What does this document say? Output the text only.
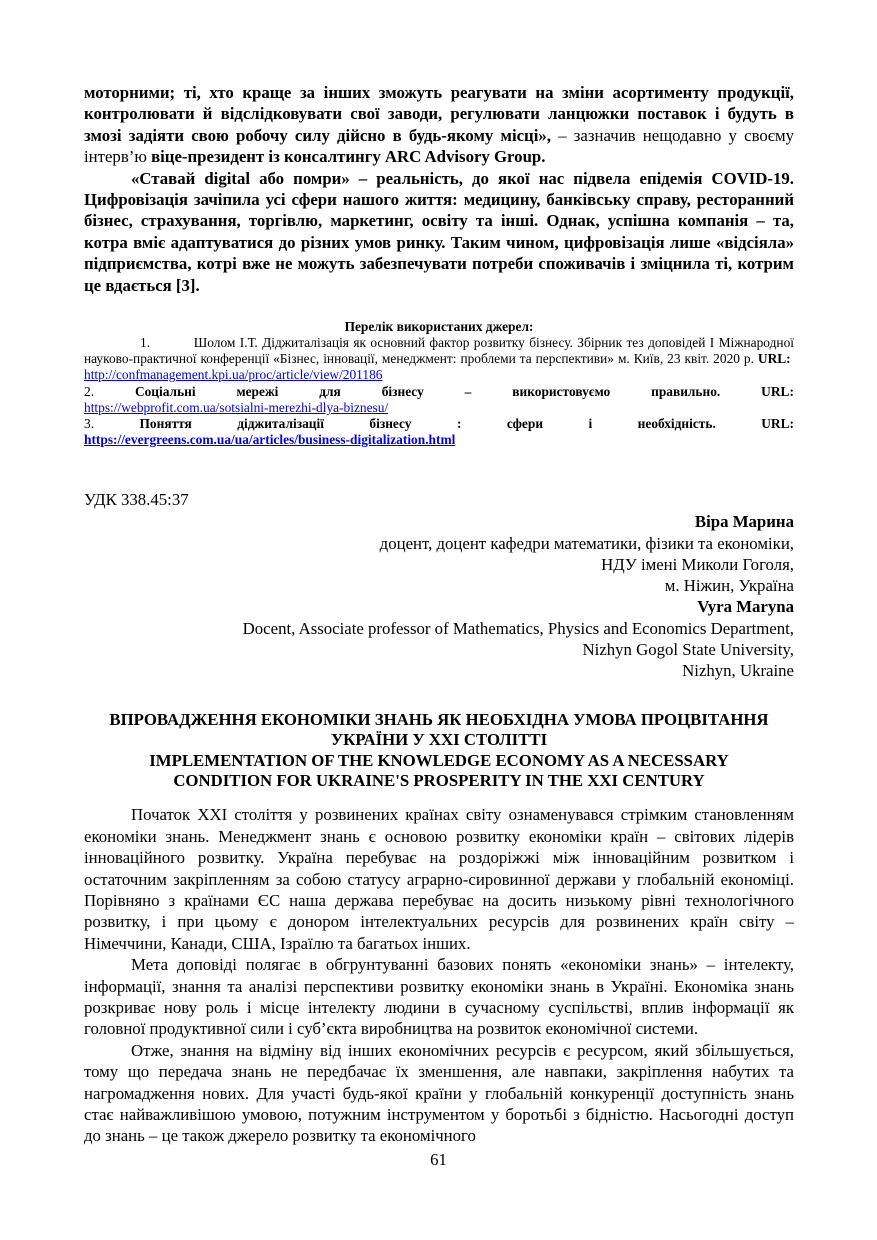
моторними; ті, хто краще за інших зможуть реагувати на зміни асортименту продукції, контролювати й відслідковувати свої заводи, регулювати ланцюжки поставок і будуть в змозі задіяти свою робочу силу дійсно в будь-якому місці», – зазначив нещодавно у своєму інтерв’ю віце-президент із консалтингу ARC Advisory Group.

«Ставай digital або помри» – реальність, до якої нас підвела епідемія COVID-19. Цифровізація зачіпила усі сфери нашого життя: медицину, банківську справу, ресторанний бізнес, страхування, торгівлю, маркетинг, освіту та інші. Однак, успішна компанія – та, котра вміє адаптуватися до різних умов ринку. Таким чином, цифровізація лише «відсіяла» підприємства, котрі вже не можуть забезпечувати потреби споживачів і зміцнила ті, котрим це вдається [3].

Перелік використаних джерел:

1.	Шолом І.Т. Діджиталізація як основний фактор розвитку бізнесу. Збірник тез доповідей І Міжнародної науково-практичної конференції «Бізнес, інновації, менеджмент: проблеми та перспективи» м. Київ, 23 квіт. 2020 р. URL:  http://confmanagement.kpi.ua/proc/article/view/201186

2.	Соціальні	мережі	для	бізнесу	–	використовуємо	правильно.	URL:
https://webprofit.com.ua/sotsialni-merezhi-dlya-biznesu/
3.	Поняття	діджиталізації	бізнесу	:	сфери	і	необхідність.	URL:
https://evergreens.com.ua/ua/articles/business-digitalization.html

УДК 338.45:37

Віра Марина

доцент, доцент кафедри математики, фізики та економіки,

НДУ імені Миколи Гоголя,

м. Ніжин, Україна

Vyra Maryna

Docent, Associate professor of Mathematics, Physics and Economics Department,

Nizhyn Gogol State University,

Nizhyn, Ukraine

ВПРОВАДЖЕННЯ ЕКОНОМІКИ ЗНАНЬ ЯК НЕОБХІДНА УМОВА ПРОЦВІТАННЯ

УКРАЇНИ У ХХІ СТОЛІТТІ

IMPLEMENTATION OF THE KNOWLEDGE ECONOMY AS A NECESSARY

CONDITION FOR UKRAINE'S PROSPERITY IN THE XXI CENTURY

Початок ХХІ століття у розвинених країнах світу ознаменувався стрімким становленням економіки знань. Менеджмент знань є основою розвитку економіки країн – світових лідерів інноваційного розвитку. Україна перебуває на роздоріжжі між інноваційним розвитком і остаточним закріпленням за собою статусу аграрно-сировинної держави у глобальній економіці. Порівняно з країнами ЄС наша держава перебуває на досить низькому рівні технологічного розвитку, і при цьому є донором інтелектуальних ресурсів для розвинених країн світу – Німеччини, Канади, США, Ізраїлю та багатьох інших.

Мета доповіді полягає в обгрунтуванні базових понять «економіки знань» – інтелекту, інформації, знання та аналізі перспективи розвитку економіки знань в Україні. Економіка знань розкриває нову роль і місце інтелекту людини в сучасному суспільстві, вплив інформації як головної продуктивної сили і суб’єкта виробництва на розвиток економічної системи.

Отже, знання на відміну від інших економічних ресурсів є ресурсом, який збільшується, тому що передача знань не передбачає їх зменшення, але навпаки, закріплення набутих та нагромадження нових. Для участі будь-якої країни у глобальній конкуренції доступність знань стає найважливішою умовою, потужним інструментом у боротьбі з бідністю. Насьогодні доступ до знань – це також джерело розвитку та економічного

61
